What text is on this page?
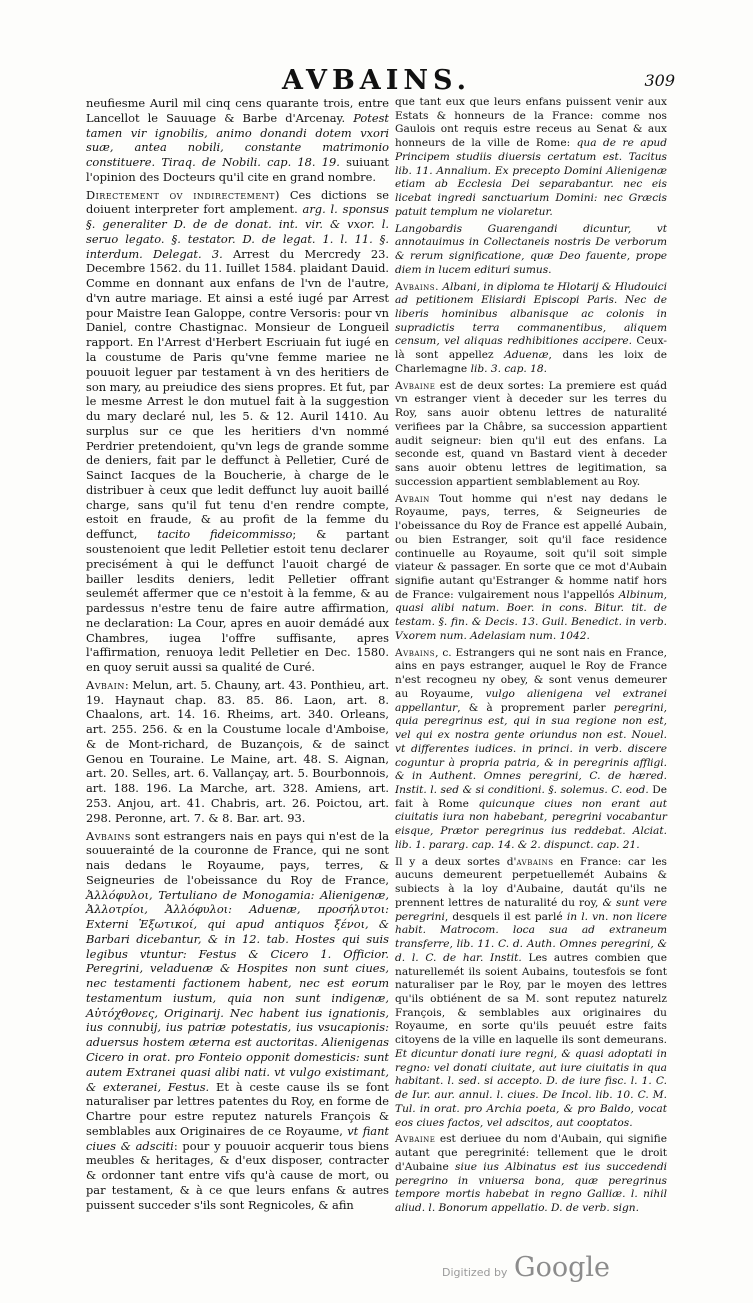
AVBAINS.	309

neufiesme Auril mil cinq cens quarante trois, entre Lancellot le Sauuage & Barbe d'Arcenay. Potest tamen vir ignobilis, animo donandi dotem vxori suæ, antea nobili, constante matrimonio constituere. Tiraq. de Nobili. cap. 18. 19. suiuant l'opinion des Docteurs qu'il cite en grand nombre.

Directement ov indirectement) Ces dictions se doiuent interpreter fort amplement. arg. l. sponsus §. generaliter D. de de donat. int. vir. & vxor. l. seruo legato. §. testator. D. de legat. 1. l. 11. §. interdum. Delegat. 3. Arrest du Mercredy 23. Decembre 1562. du 11. Iuillet 1584. plaidant Dauid. Comme en donnant aux enfans de l'vn de l'autre, d'vn autre mariage. Et ainsi a esté iugé par Arrest pour Maistre Iean Galoppe, contre Versoris: pour vn Daniel, contre Chastignac. Monsieur de Longueil rapport. En l'Arrest d'Herbert Escriuain fut iugé en la coustume de Paris qu'vne femme mariee ne pouuoit leguer par testament à vn des heritiers de son mary, au preiudice des siens propres. Et fut, par le mesme Arrest le don mutuel fait à la suggestion du mary declaré nul, les 5. & 12. Auril 1410. Au surplus sur ce que les heritiers d'vn nommé Perdrier pretendoient, qu'vn legs de grande somme de deniers, fait par le deffunct à Pelletier, Curé de Sainct Iacques de la Boucherie, à charge de le distribuer à ceux que ledit deffunct luy auoit baillé charge, sans qu'il fut tenu d'en rendre compte, estoit en fraude, & au profit de la femme du deffunct, tacito fideicommisso; & partant soustenoient que ledit Pelletier estoit tenu declarer precisément à qui le deffunct l'auoit chargé de bailler lesdits deniers, ledit Pelletier offrant seulemét affermer que ce n'estoit à la femme, & au pardessus n'estre tenu de faire autre affirmation, ne declaration: La Cour, apres en auoir demádé aux Chambres, iugea l'offre suffisante, apres l'affirmation, renuoya ledit Pelletier en Dec. 1580. en quoy seruit aussi sa qualité de Curé.

Avbain: Melun, art. 5. Chauny, art. 43. Ponthieu, art. 19. Haynaut chap. 83. 85. 86. Laon, art. 8. Chaalons, art. 14. 16. Rheims, art. 340. Orleans, art. 255. 256. & en la Coustume locale d'Amboise, & de Mont-richard, de Buzançois, & de sainct Genou en Touraine. Le Maine, art. 48. S. Aignan, art. 20. Selles, art. 6. Vallançay, art. 5. Bourbonnois, art. 188. 196. La Marche, art. 328. Amiens, art. 253. Anjou, art. 41. Chabris, art. 26. Poictou, art. 298. Peronne, art. 7. & 8. Bar. art. 93.

Avbains sont estrangers nais en pays qui n'est de la souuerainté de la couronne de France, qui ne sont nais dedans le Royaume, pays, terres, & Seigneuries de l'obeissance du Roy de France, Ἀλλόφυλοι, Tertuliano de Monogamia: Alienigenæ, Ἀλλοτρίοι, Ἀλλόφυλοι: Aduenæ, προσήλυτοι: Externi Ἐξωτικοί, qui apud antiquos ξένοι, & Barbari dicebantur, & in 12. tab. Hostes qui suis legibus vtuntur: Festus & Cicero 1. Officior. Peregrini, veladuenæ & Hospites non sunt ciues, nec testamenti factionem habent, nec est eorum testamentum iustum, quia non sunt indigenæ, Αὐτόχθονες, Originarij. Nec habent ius ignationis, ius connubij, ius patriæ potestatis, ius vsucapionis: aduersus hostem æterna est auctoritas. Alienigenas Cicero in orat. pro Fonteio opponit domesticis: sunt autem Extranei quasi alibi nati. vt vulgo existimant, & exteranei, Festus. Et à ceste cause ils se font naturaliser par lettres patentes du Roy, en forme de Chartre pour estre reputez naturels François & semblables aux Originaires de ce Royaume, vt fiant ciues & adsciti: pour y pouuoir acquerir tous biens meubles & heritages, & d'eux disposer, contracter & ordonner tant entre vifs qu'à cause de mort, ou par testament, & à ce que leurs enfans & autres puissent succeder s'ils sont Regnicoles, & afin

que tant eux que leurs enfans puissent venir aux Estats & honneurs de la France: comme nos Gaulois ont requis estre receus au Senat & aux honneurs de la ville de Rome: qua de re apud Principem studiis diuersis certatum est. Tacitus lib. 11. Annalium. Ex precepto Domini Alienigenæ etiam ab Ecclesia Dei separabantur. nec eis licebat ingredi sanctuarium Domini: nec Græcis patuit templum ne violaretur.

Langobardis Guarengandi dicuntur, vt annotauimus in Collectaneis nostris De verborum & rerum significatione, quæ Deo fauente, prope diem in lucem edituri sumus.

Avbains. Albani, in diploma te Hlotarij & Hludouici ad petitionem Elisiardi Episcopi Paris. Nec de liberis hominibus albanisque ac colonis in supradictis terra commanentibus, aliquem censum, vel aliquas redhibitiones accipere. Ceux-là sont appellez Aduenæ, dans les loix de Charlemagne lib. 3. cap. 18.

Avbaine est de deux sortes: La premiere est quád vn estranger vient à deceder sur les terres du Roy, sans auoir obtenu lettres de naturalité verifiees par la Châbre, sa succession appartient audit seigneur: bien qu'il eut des enfans. La seconde est, quand vn Bastard vient à deceder sans auoir obtenu lettres de legitimation, sa succession appartient semblablement au Roy.

Avbain Tout homme qui n'est nay dedans le Royaume, pays, terres, & Seigneuries de l'obeissance du Roy de France est appellé Aubain, ou bien Estranger, soit qu'il face residence continuelle au Royaume, soit qu'il soit simple viateur & passager. En sorte que ce mot d'Aubain signifie autant qu'Estranger & homme natif hors de France: vulgairement nous l'appellós Albinum, quasi alibi natum. Boer. in cons. Bitur. tit. de testam. §. fin. & Decis. 13. Guil. Benedict. in verb. Vxorem num. Adelasiam num. 1042.

Avbains, c. Estrangers qui ne sont nais en France, ains en pays estranger, auquel le Roy de France n'est recogneu ny obey, & sont venus demeurer au Royaume, vulgo alienigena vel extranei appellantur, & à proprement parler peregrini, quia peregrinus est, qui in sua regione non est, vel qui ex nostra gente oriundus non est. Nouel. vt differentes iudices. in princi. in verb. discere coguntur à propria patria, & in peregrinis affligi. & in Authent. Omnes peregrini, C. de hæred. Instit. l. sed & si conditioni. §. solemus. C. eod. De fait à Rome quicunque ciues non erant aut ciuitatis iura non habebant, peregrini vocabantur eisque, Prætor peregrinus ius reddebat. Alciat. lib. 1. pararg. cap. 14. & 2. dispunct. cap. 21.

Il y a deux sortes d'avbains en France: car les aucuns demeurent perpetuellemét Aubains & subiects à la loy d'Aubaine, dautát qu'ils ne prennent lettres de naturalité du roy, & sunt vere peregrini, desquels il est parlé in l. vn. non licere habit. Matrocom. loca sua ad extraneum transferre, lib. 11. C. d. Auth. Omnes peregrini, & d. l. C. de har. Instit. Les autres combien que naturellemét ils soient Aubains, toutesfois se font naturaliser par le Roy, par le moyen des lettres qu'ils obtiénent de sa M. sont reputez naturelz François, & semblables aux originaires du Royaume, en sorte qu'ils peuuét estre faits citoyens de la ville en laquelle ils sont demeurans. Et dicuntur donati iure regni, & quasi adoptati in regno: vel donati ciuitate, aut iure ciuitatis in qua habitant. l. sed. si accepto. D. de iure fisc. l. 1. C. de Iur. aur. annul. l. ciues. De Incol. lib. 10. C. M. Tul. in orat. pro Archia poeta, & pro Baldo, vocat eos ciues factos, vel adscitos, aut cooptatos.

Avbaine est deriuee du nom d'Aubain, qui signifie autant que peregrinité: tellement que le droit d'Aubaine siue ius Albinatus est ius succedendi peregrino in vniuersa bona, quæ peregrinus tempore mortis habebat in regno Galliæ. l. nihil aliud. l. Bonorum appellatio. D. de verb. sign.

Digitized by Google
